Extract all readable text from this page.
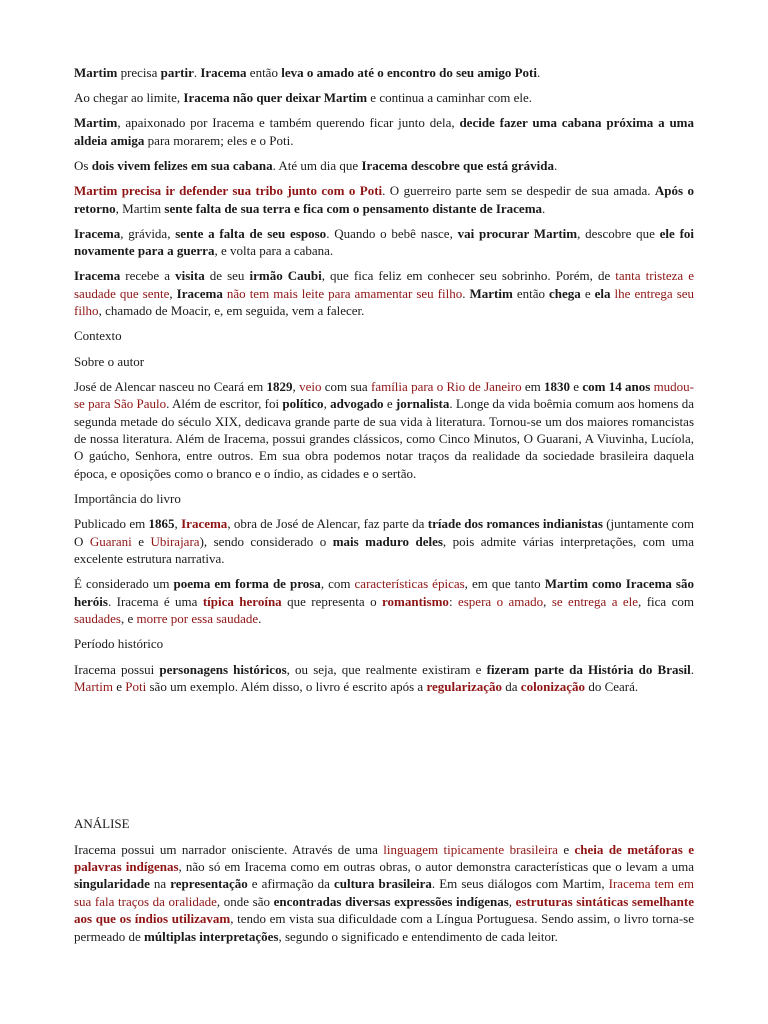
Martim precisa partir. Iracema então leva o amado até o encontro do seu amigo Poti.

Ao chegar ao limite, Iracema não quer deixar Martim e continua a caminhar com ele.

Martim, apaixonado por Iracema e também querendo ficar junto dela, decide fazer uma cabana próxima a uma aldeia amiga para morarem; eles e o Poti.

Os dois vivem felizes em sua cabana. Até um dia que Iracema descobre que está grávida.

Martim precisa ir defender sua tribo junto com o Poti. O guerreiro parte sem se despedir de sua amada. Após o retorno, Martim sente falta de sua terra e fica com o pensamento distante de Iracema.

Iracema, grávida, sente a falta de seu esposo. Quando o bebê nasce, vai procurar Martim, descobre que ele foi novamente para a guerra, e volta para a cabana.

Iracema recebe a visita de seu irmão Caubi, que fica feliz em conhecer seu sobrinho. Porém, de tanta tristeza e saudade que sente, Iracema não tem mais leite para amamentar seu filho. Martim então chega e ela lhe entrega seu filho, chamado de Moacir, e, em seguida, vem a falecer.

Contexto

Sobre o autor

José de Alencar nasceu no Ceará em 1829, veio com sua família para o Rio de Janeiro em 1830 e com 14 anos mudou-se para São Paulo. Além de escritor, foi político, advogado e jornalista. Longe da vida boêmia comum aos homens da segunda metade do século XIX, dedicava grande parte de sua vida à literatura. Tornou-se um dos maiores romancistas de nossa literatura. Além de Iracema, possui grandes clássicos, como Cinco Minutos, O Guarani, A Viuvinha, Lucíola, O gaúcho, Senhora, entre outros. Em sua obra podemos notar traços da realidade da sociedade brasileira daquela época, e oposições como o branco e o índio, as cidades e o sertão.

Importância do livro

Publicado em 1865, Iracema, obra de José de Alencar, faz parte da tríade dos romances indianistas (juntamente com O Guarani e Ubirajara), sendo considerado o mais maduro deles, pois admite várias interpretações, com uma excelente estrutura narrativa.

É considerado um poema em forma de prosa, com características épicas, em que tanto Martim como Iracema são heróis. Iracema é uma típica heroína que representa o romantismo: espera o amado, se entrega a ele, fica com saudades, e morre por essa saudade.

Período histórico

Iracema possui personagens históricos, ou seja, que realmente existiram e fizeram parte da História do Brasil. Martim e Poti são um exemplo. Além disso, o livro é escrito após a regularização da colonização do Ceará.

ANÁLISE

Iracema possui um narrador onisciente. Através de uma linguagem tipicamente brasileira e cheia de metáforas e palavras indígenas, não só em Iracema como em outras obras, o autor demonstra características que o levam a uma singularidade na representação e afirmação da cultura brasileira. Em seus diálogos com Martim, Iracema tem em sua fala traços da oralidade, onde são encontradas diversas expressões indígenas, estruturas sintáticas semelhante aos que os índios utilizavam, tendo em vista sua dificuldade com a Língua Portuguesa. Sendo assim, o livro torna-se permeado de múltiplas interpretações, segundo o significado e entendimento de cada leitor.
